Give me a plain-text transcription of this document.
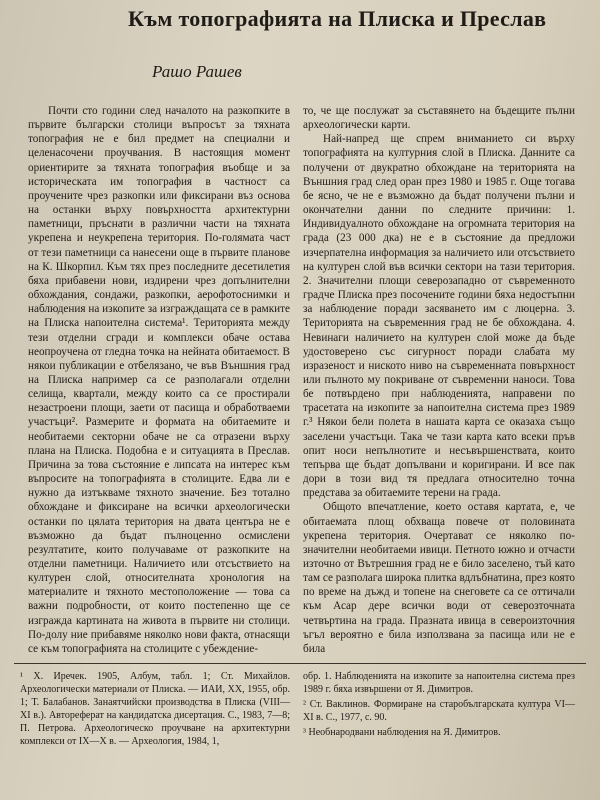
Към топографията на Плиска и Преслав
Рашо Рашев

Почти сто години след началото на разкопките в първите български столици въпросът за тяхната топография не е бил предмет на специални и целенасочени проучвания. В настоящия момент ориентирите за тяхната топография въобще и за историческата им топография в частност са проучените чрез разкопки или фиксирани въз основа на останки върху повърхността архитектурни паметници, пръснати в различни части на тяхната укрепена и неукрепена територия. По-голямата част от тези паметници са нанесени още в първите планове на К. Шкорпил. Към тях през последните десетилетия бяха прибавени нови, издирени чрез допълнителни обхождания, сондажи, разкопки, аерофотоснимки и наблюдения на изкопите за изграждащата се в рамките на Плиска напоителна система¹. Територията между тези отделни сгради и комплекси обаче остава неопроучена от гледна точка на нейната обитаемост. В някои публикации е отбелязано, че във Външния град на Плиска например са се разполагали отделни селища, квартали, между които са се простирали незастроени площи, заети от пасища и обработваеми участъци². Размерите и формата на обитаемите и необитаеми секторни обаче не са отразени върху плана на Плиска. Подобна е и ситуацията в Преслав. Причина за това състояние е липсата на интерес към въпросите на топографията в столиците. Едва ли е нужно да изтъкваме тяхното значение. Без тотално обхождане и фиксиране на всички археологически останки по цялата територия на двата центъра не е възможно да бъдат пълноценно осмислени резултатите, които получаваме от разкопките на отделни паметници. Наличието или отсъствието на културен слой, относителната хронология на материалите и тяхното местоположение — това са важни подробности, от които постепенно ще се изгражда картината на живота в първите ни столици. По-долу ние прибавяме няколко нови факта, отнасящи се към топографията на столиците с убеждение-

то, че ще послужат за съставянето на бъдещите пълни археологически карти.

Най-напред ще спрем вниманието си върху топографията на културния слой в Плиска. Данните са получени от двукратно обхождане на територията на Външния град след оран през 1980 и 1985 г. Още тогава бе ясно, че не е възможно да бъдат получени пълни и окончателни данни по следните причини: 1. Индивидуалното обхождане на огромната територия на града (23 000 дка) не е в състояние да предложи изчерпателна информация за наличието или отсъствието на културен слой във всички сектори на тази територия. 2. Значителни площи северозападно от съвременното градче Плиска през посочените години бяха недостъпни за наблюдение поради засяването им с люцерна. 3. Територията на съвременния град не бе обхождана. 4. Невинаги наличието на културен слой може да бъде удостоверено със сигурност поради слабата му изразеност и ниското ниво на съвременната повърхност или пълното му покриване от съвременни наноси. Това бе потвърдено при наблюденията, направени по трасетата на изкопите за напоителна система през 1989 г.³ Някои бели полета в нашата карта се оказаха също заселени участъци. Така че тази карта като всеки пръв опит носи непълнотите и несъвършенствата, които тепърва ще бъдат допълвани и коригирани. И все пак дори в този вид тя предлага относително точна представа за обитаемите терени на града.

Общото впечатление, което оставя картата, е, че обитаемата площ обхваща повече от половината укрепена територия. Очертават се няколко по-значителни необитаеми ивици. Петното южно и отчасти източно от Вътрешния град не е било заселено, тъй като там се разполага широка плитка вдлъбнатина, през която по време на дъжд и топене на снеговете са се оттичали към Асар дере всички води от северозточната четвъртина на града. Празната ивица в североизточния ъгъл вероятно е била използвана за пасища или не е била

¹ Х. Иречек. 1905, Албум, табл. 1; Ст. Михайлов. Археологически материали от Плиска. — ИАИ, ХХ, 1955, обр. 1; Т. Балабанов. Занаятчийски производства в Плиска (VIII—XI в.). Автореферат на кандидатска дисертация. С., 1983, 7—8; П. Петрова. Археологическо проучване на архитектурни комплекси от IX—X в. — Археология, 1984, 1,

обр. 1. Наблюденията на изкопите за напоителна система през 1989 г. бяха извършени от Я. Димитров.

² Ст. Ваклинов. Формиране на старобългарската култура VI—XI в. С., 1977, с. 90.

³ Необнародвани наблюдения на Я. Димитров.
